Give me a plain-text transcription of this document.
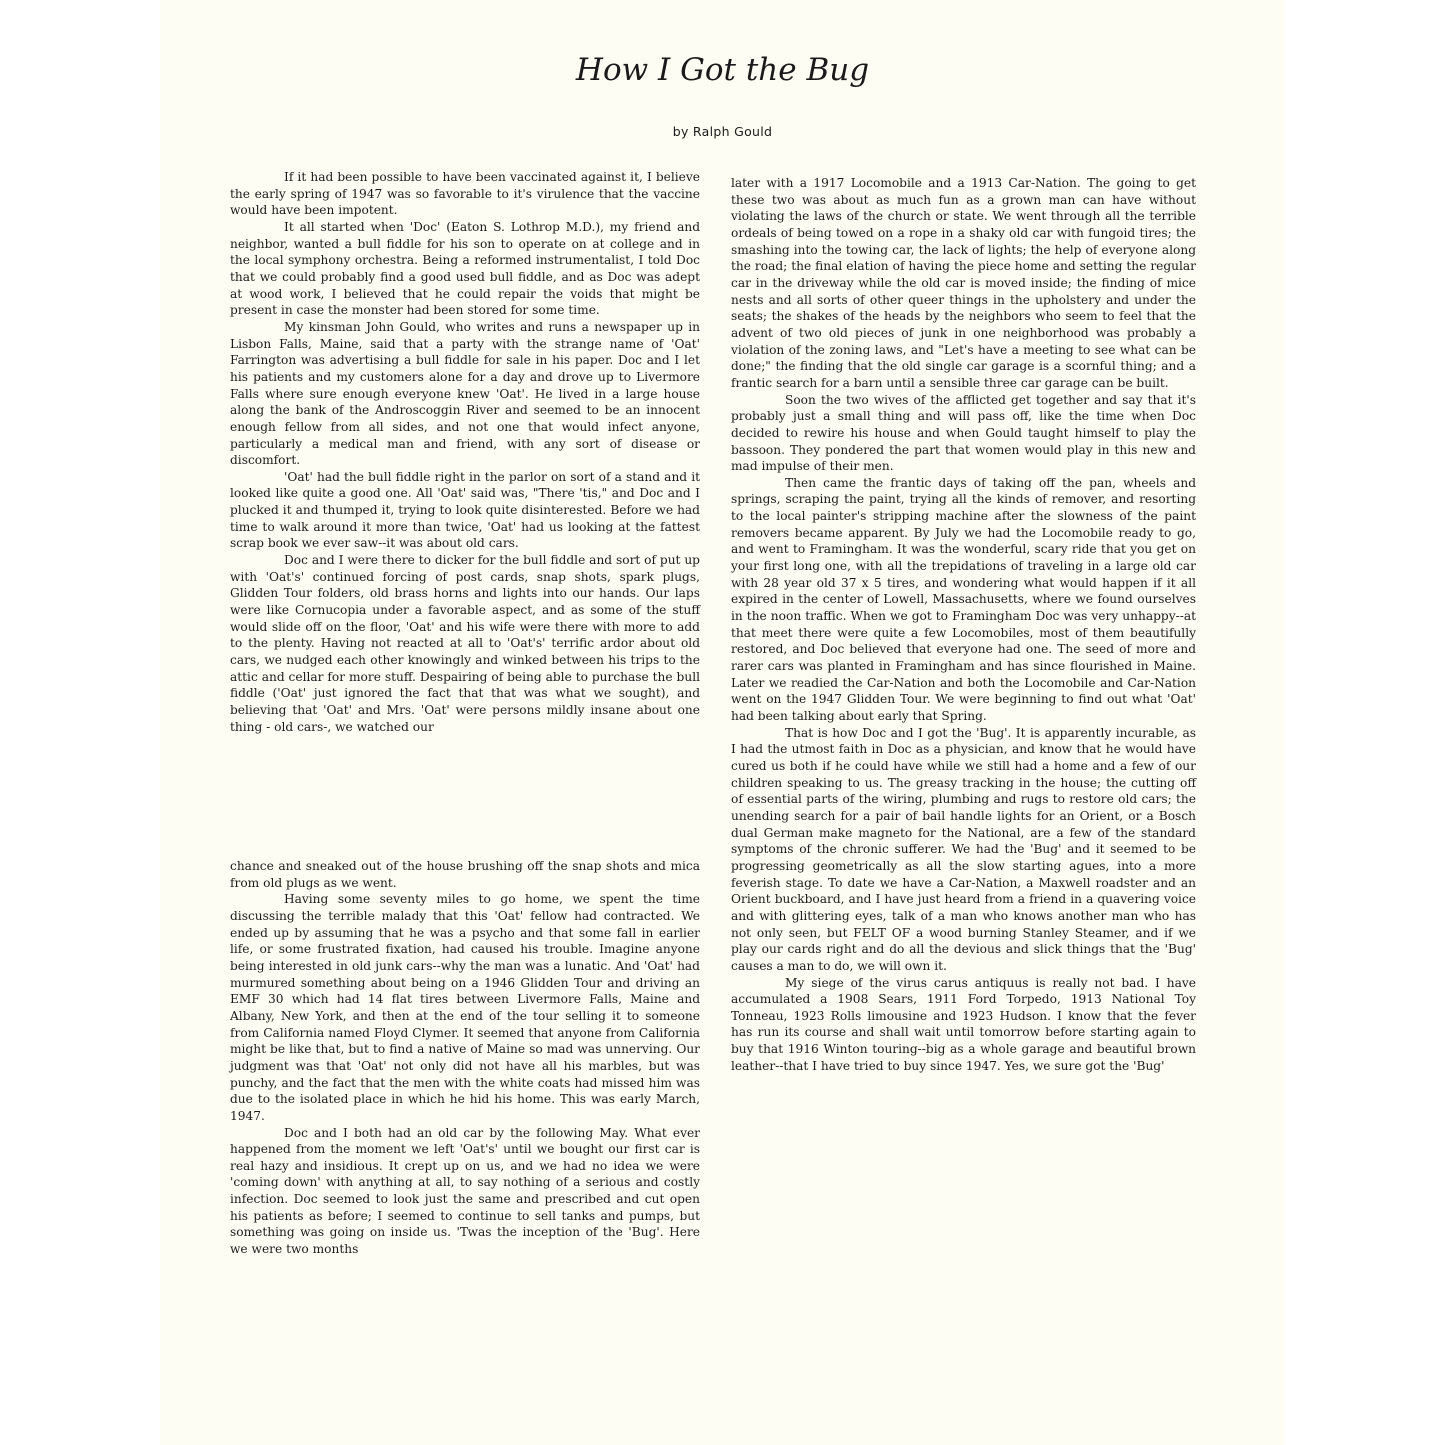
How I Got the Bug
by Ralph Gould

If it had been possible to have been vaccinated against it, I believe the early spring of 1947 was so favorable to it's virulence that the vaccine would have been impotent.

It all started when 'Doc' (Eaton S. Lothrop M.D.), my friend and neighbor, wanted a bull fiddle for his son to operate on at college and in the local symphony orchestra. Being a reformed instrumentalist, I told Doc that we could probably find a good used bull fiddle, and as Doc was adept at wood work, I believed that he could repair the voids that might be present in case the monster had been stored for some time.

My kinsman John Gould, who writes and runs a newspaper up in Lisbon Falls, Maine, said that a party with the strange name of 'Oat' Farrington was advertising a bull fiddle for sale in his paper. Doc and I let his patients and my customers alone for a day and drove up to Livermore Falls where sure enough everyone knew 'Oat'. He lived in a large house along the bank of the Androscoggin River and seemed to be an innocent enough fellow from all sides, and not one that would infect anyone, particularly a medical man and friend, with any sort of disease or discomfort.

'Oat' had the bull fiddle right in the parlor on sort of a stand and it looked like quite a good one. All 'Oat' said was, "There 'tis," and Doc and I plucked it and thumped it, trying to look quite disinterested. Before we had time to walk around it more than twice, 'Oat' had us looking at the fattest scrap book we ever saw--it was about old cars.

Doc and I were there to dicker for the bull fiddle and sort of put up with 'Oat's' continued forcing of post cards, snap shots, spark plugs, Glidden Tour folders, old brass horns and lights into our hands. Our laps were like Cornucopia under a favorable aspect, and as some of the stuff would slide off on the floor, 'Oat' and his wife were there with more to add to the plenty. Having not reacted at all to 'Oat's' terrific ardor about old cars, we nudged each other knowingly and winked between his trips to the attic and cellar for more stuff. Despairing of being able to purchase the bull fiddle ('Oat' just ignored the fact that that was what we sought), and believing that 'Oat' and Mrs. 'Oat' were persons mildly insane about one thing - old cars-, we watched our

chance and sneaked out of the house brushing off the snap shots and mica from old plugs as we went.

Having some seventy miles to go home, we spent the time discussing the terrible malady that this 'Oat' fellow had contracted. We ended up by assuming that he was a psycho and that some fall in earlier life, or some frustrated fixation, had caused his trouble. Imagine anyone being interested in old junk cars--why the man was a lunatic. And 'Oat' had murmured something about being on a 1946 Glidden Tour and driving an EMF 30 which had 14 flat tires between Livermore Falls, Maine and Albany, New York, and then at the end of the tour selling it to someone from California named Floyd Clymer. It seemed that anyone from California might be like that, but to find a native of Maine so mad was unnerving. Our judgment was that 'Oat' not only did not have all his marbles, but was punchy, and the fact that the men with the white coats had missed him was due to the isolated place in which he hid his home. This was early March, 1947.

Doc and I both had an old car by the following May. What ever happened from the moment we left 'Oat's' until we bought our first car is real hazy and insidious. It crept up on us, and we had no idea we were 'coming down' with anything at all, to say nothing of a serious and costly infection. Doc seemed to look just the same and prescribed and cut open his patients as before; I seemed to continue to sell tanks and pumps, but something was going on inside us. 'Twas the inception of the 'Bug'. Here we were two months

later with a 1917 Locomobile and a 1913 Car-Nation. The going to get these two was about as much fun as a grown man can have without violating the laws of the church or state. We went through all the terrible ordeals of being towed on a rope in a shaky old car with fungoid tires; the smashing into the towing car, the lack of lights; the help of everyone along the road; the final elation of having the piece home and setting the regular car in the driveway while the old car is moved inside; the finding of mice nests and all sorts of other queer things in the upholstery and under the seats; the shakes of the heads by the neighbors who seem to feel that the advent of two old pieces of junk in one neighborhood was probably a violation of the zoning laws, and "Let's have a meeting to see what can be done;" the finding that the old single car garage is a scornful thing; and a frantic search for a barn until a sensible three car garage can be built.

Soon the two wives of the afflicted get together and say that it's probably just a small thing and will pass off, like the time when Doc decided to rewire his house and when Gould taught himself to play the bassoon. They pondered the part that women would play in this new and mad impulse of their men.

Then came the frantic days of taking off the pan, wheels and springs, scraping the paint, trying all the kinds of remover, and resorting to the local painter's stripping machine after the slowness of the paint removers became apparent. By July we had the Locomobile ready to go, and went to Framingham. It was the wonderful, scary ride that you get on your first long one, with all the trepidations of traveling in a large old car with 28 year old 37 x 5 tires, and wondering what would happen if it all expired in the center of Lowell, Massachusetts, where we found ourselves in the noon traffic. When we got to Framingham Doc was very unhappy--at that meet there were quite a few Locomobiles, most of them beautifully restored, and Doc believed that everyone had one. The seed of more and rarer cars was planted in Framingham and has since flourished in Maine. Later we readied the Car-Nation and both the Locomobile and Car-Nation went on the 1947 Glidden Tour. We were beginning to find out what 'Oat' had been talking about early that Spring.

That is how Doc and I got the 'Bug'. It is apparently incurable, as I had the utmost faith in Doc as a physician, and know that he would have cured us both if he could have while we still had a home and a few of our children speaking to us. The greasy tracking in the house; the cutting off of essential parts of the wiring, plumbing and rugs to restore old cars; the unending search for a pair of bail handle lights for an Orient, or a Bosch dual German make magneto for the National, are a few of the standard symptoms of the chronic sufferer. We had the 'Bug' and it seemed to be progressing geometrically as all the slow starting agues, into a more feverish stage. To date we have a Car-Nation, a Maxwell roadster and an Orient buckboard, and I have just heard from a friend in a quavering voice and with glittering eyes, talk of a man who knows another man who has not only seen, but FELT OF a wood burning Stanley Steamer, and if we play our cards right and do all the devious and slick things that the 'Bug' causes a man to do, we will own it.

My siege of the virus carus antiquus is really not bad. I have accumulated a 1908 Sears, 1911 Ford Torpedo, 1913 National Toy Tonneau, 1923 Rolls limousine and 1923 Hudson. I know that the fever has run its course and shall wait until tomorrow before starting again to buy that 1916 Winton touring--big as a whole garage and beautiful brown leather--that I have tried to buy since 1947. Yes, we sure got the 'Bug'
